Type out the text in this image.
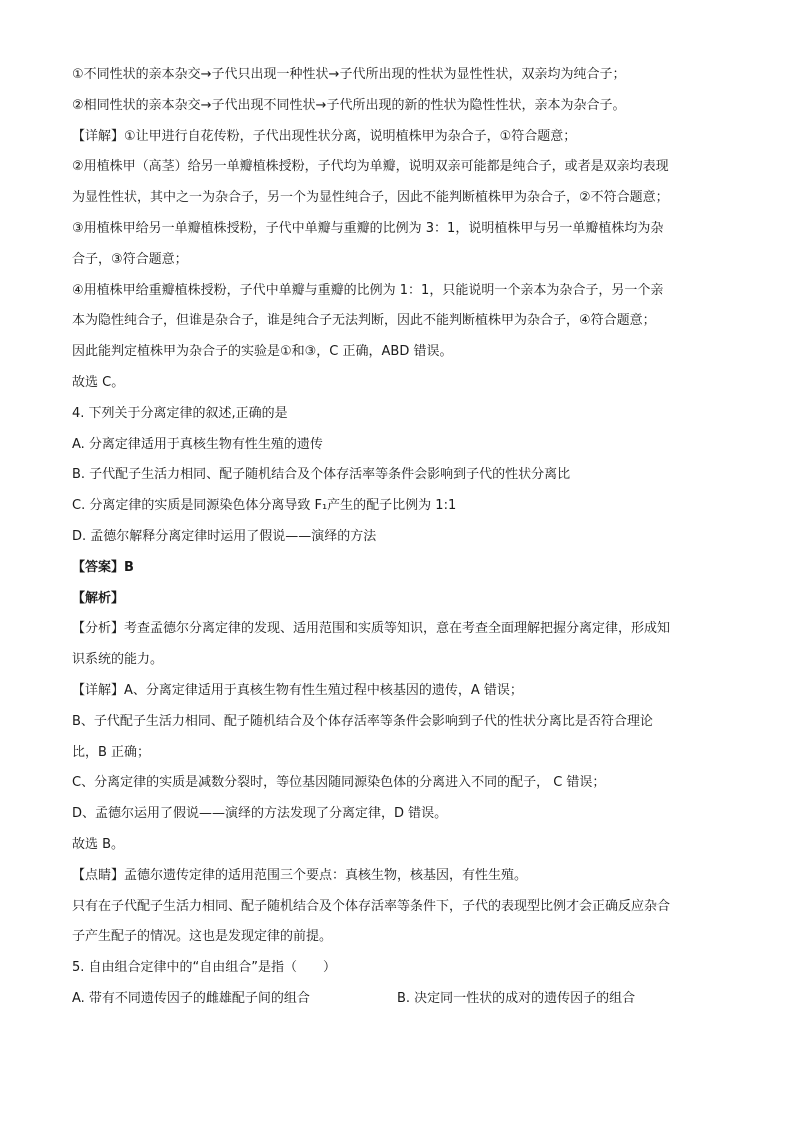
①不同性状的亲本杂交→子代只出现一种性状→子代所出现的性状为显性性状，双亲均为纯合子；
②相同性状的亲本杂交→子代出现不同性状→子代所出现的新的性状为隐性性状，亲本为杂合子。
【详解】①让甲进行自花传粉，子代出现性状分离，说明植株甲为杂合子，①符合题意；
②用植株甲（高茎）给另一单瓣植株授粉，子代均为单瓣，说明双亲可能都是纯合子，或者是双亲均表现
为显性性状，其中之一为杂合子，另一个为显性纯合子，因此不能判断植株甲为杂合子，②不符合题意；
③用植株甲给另一单瓣植株授粉，子代中单瓣与重瓣的比例为 3：1，说明植株甲与另一单瓣植株均为杂
合子，③符合题意；
④用植株甲给重瓣植株授粉，子代中单瓣与重瓣的比例为 1：1，只能说明一个亲本为杂合子，另一个亲
本为隐性纯合子，但谁是杂合子，谁是纯合子无法判断，因此不能判断植株甲为杂合子，④符合题意；
因此能判定植株甲为杂合子的实验是①和③，C 正确，ABD 错误。
故选 C。
4. 下列关于分离定律的叙述,正确的是
A. 分离定律适用于真核生物有性生殖的遗传
B. 子代配子生活力相同、配子随机结合及个体存活率等条件会影响到子代的性状分离比
C. 分离定律的实质是同源染色体分离导致 F₁产生的配子比例为 1:1
D. 孟德尔解释分离定律时运用了假说——演绎的方法
【答案】B
【解析】
【分析】考查孟德尔分离定律的发现、适用范围和实质等知识，意在考查全面理解把握分离定律，形成知
识系统的能力。
【详解】A、分离定律适用于真核生物有性生殖过程中核基因的遗传，A 错误；
B、子代配子生活力相同、配子随机结合及个体存活率等条件会影响到子代的性状分离比是否符合理论
比，B 正确；
C、分离定律的实质是减数分裂时，等位基因随同源染色体的分离进入不同的配子， C 错误；
D、孟德尔运用了假说——演绎的方法发现了分离定律，D 错误。
故选 B。
【点睛】孟德尔遗传定律的适用范围三个要点：真核生物，核基因，有性生殖。
只有在子代配子生活力相同、配子随机结合及个体存活率等条件下，子代的表现型比例才会正确反应杂合
子产生配子的情况。这也是发现定律的前提。
5. 自由组合定律中的“自由组合”是指（　　）
A. 带有不同遗传因子的雌雄配子间的组合	B. 决定同一性状的成对的遗传因子的组合
